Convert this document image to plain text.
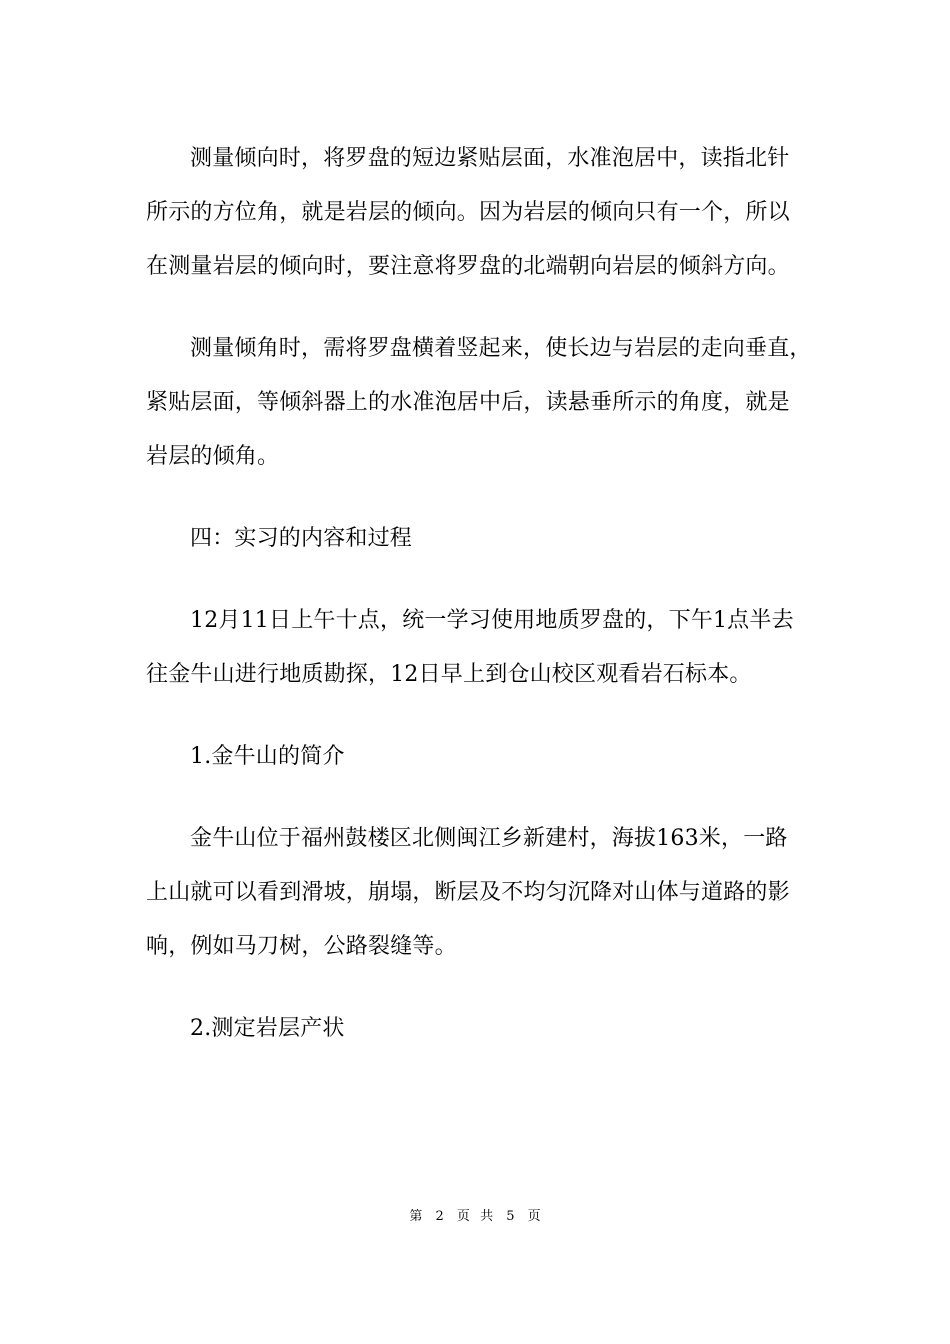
测量倾向时，将罗盘的短边紧贴层面，水准泡居中，读指北针
所示的方位角，就是岩层的倾向。因为岩层的倾向只有一个，所以
在测量岩层的倾向时，要注意将罗盘的北端朝向岩层的倾斜方向。

测量倾角时，需将罗盘横着竖起来，使长边与岩层的走向垂直，
紧贴层面，等倾斜器上的水准泡居中后，读悬垂所示的角度，就是
岩层的倾角。

四：实习的内容和过程

12月11日上午十点，统一学习使用地质罗盘的，下午1点半去
往金牛山进行地质勘探，12日早上到仓山校区观看岩石标本。

1.金牛山的简介

金牛山位于福州鼓楼区北侧闽江乡新建村，海拔163米，一路
上山就可以看到滑坡，崩塌，断层及不均匀沉降对山体与道路的影
响，例如马刀树，公路裂缝等。

2.测定岩层产状

第 2 页 共 5 页
